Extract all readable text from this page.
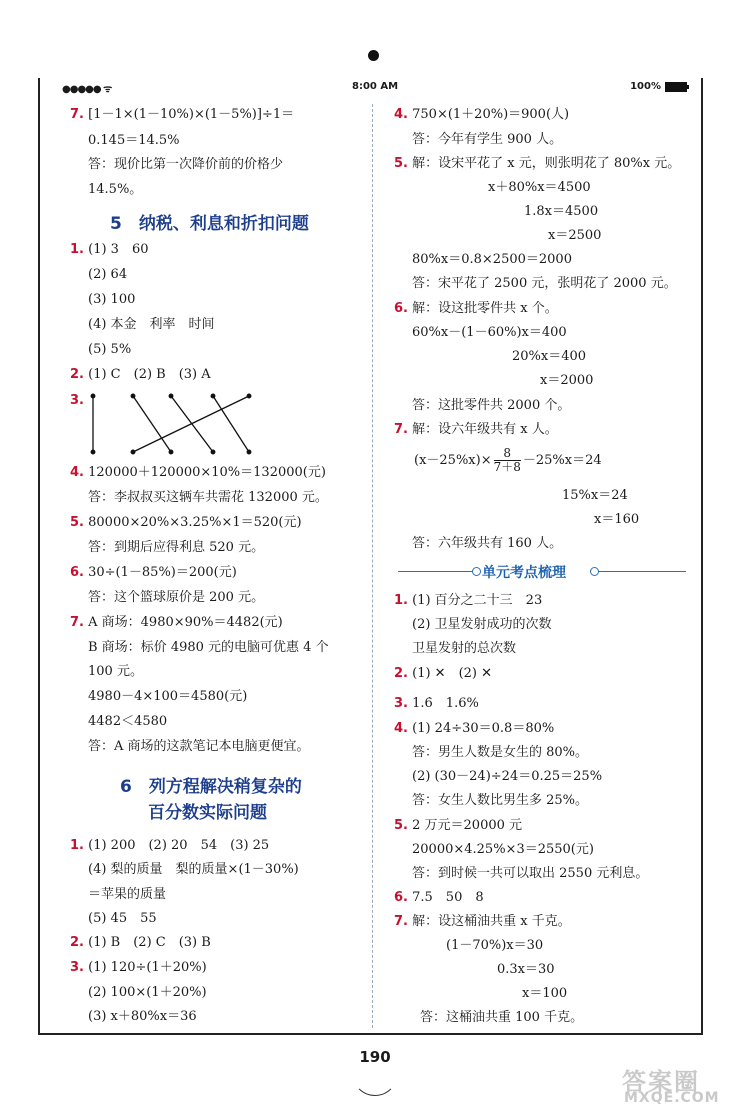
●●●●● ᯤ	8:00 AM	100%
7. [1－1×(1－10%)×(1－5%)]÷1＝
0.145＝14.5%
答：现价比第一次降价前的价格少
14.5%。
5　 纳税、利息和折扣问题
1. (1) 3　60
(2) 64
(3) 100
(4) 本金　利率　时间
(5) 5%
2. (1) C　(2) B　(3) A
3.
4. 120000＋120000×10%＝132000(元)
答：李叔叔买这辆车共需花 132000 元。
5. 80000×20%×3.25%×1＝520(元)
答：到期后应得利息 520 元。
6. 30÷(1－85%)＝200(元)
答：这个篮球原价是 200 元。
7. A 商场：4980×90%＝4482(元)
B 商场：标价 4980 元的电脑可优惠 4 个
100 元。
4980－4×100＝4580(元)
4482＜4580
答：A 商场的这款笔记本电脑更便宜。
6　 列方程解决稍复杂的
百分数实际问题
1. (1) 200　(2) 20　54　(3) 25
(4) 梨的质量　梨的质量×(1－30%)
＝苹果的质量
(5) 45　55
2. (1) B　(2) C　(3) B
3. (1) 120÷(1＋20%)
(2) 100×(1＋20%)
(3) x＋80%x＝36
4. 750×(1＋20%)＝900(人)
答：今年有学生 900 人。
5. 解：设宋平花了 x 元，则张明花了 80%x 元。
x＋80%x＝4500
1.8x＝4500
x＝2500
80%x＝0.8×2500＝2000
答：宋平花了 2500 元，张明花了 2000 元。
6. 解：设这批零件共 x 个。
60%x－(1－60%)x＝400
20%x＝400
x＝2000
答：这批零件共 2000 个。
7. 解：设六年级共有 x 人。
$(x-25\%x)\times \frac{8}{7+8} -25\%x=24$
15%x＝24
x＝160
答：六年级共有 160 人。
单元考点梳理
1. (1) 百分之二十三　23
(2) 卫星发射成功的次数
卫星发射的总次数
2. (1) ✕　(2) ✕
3. 1.6̇　1.6%
4. (1) 24÷30＝0.8＝80%
答：男生人数是女生的 80%。
(2) (30－24)÷24＝0.25＝25%
答：女生人数比男生多 25%。
5. 2 万元＝20000 元
20000×4.25%×3＝2550(元)
答：到时候一共可以取出 2550 元利息。
6. 7.5　50　8
7. 解：设这桶油共重 x 千克。
(1－70%)x＝30
0.3x＝30
x＝100
答：这桶油共重 100 千克。
190
答案圈
MXQE.COM
